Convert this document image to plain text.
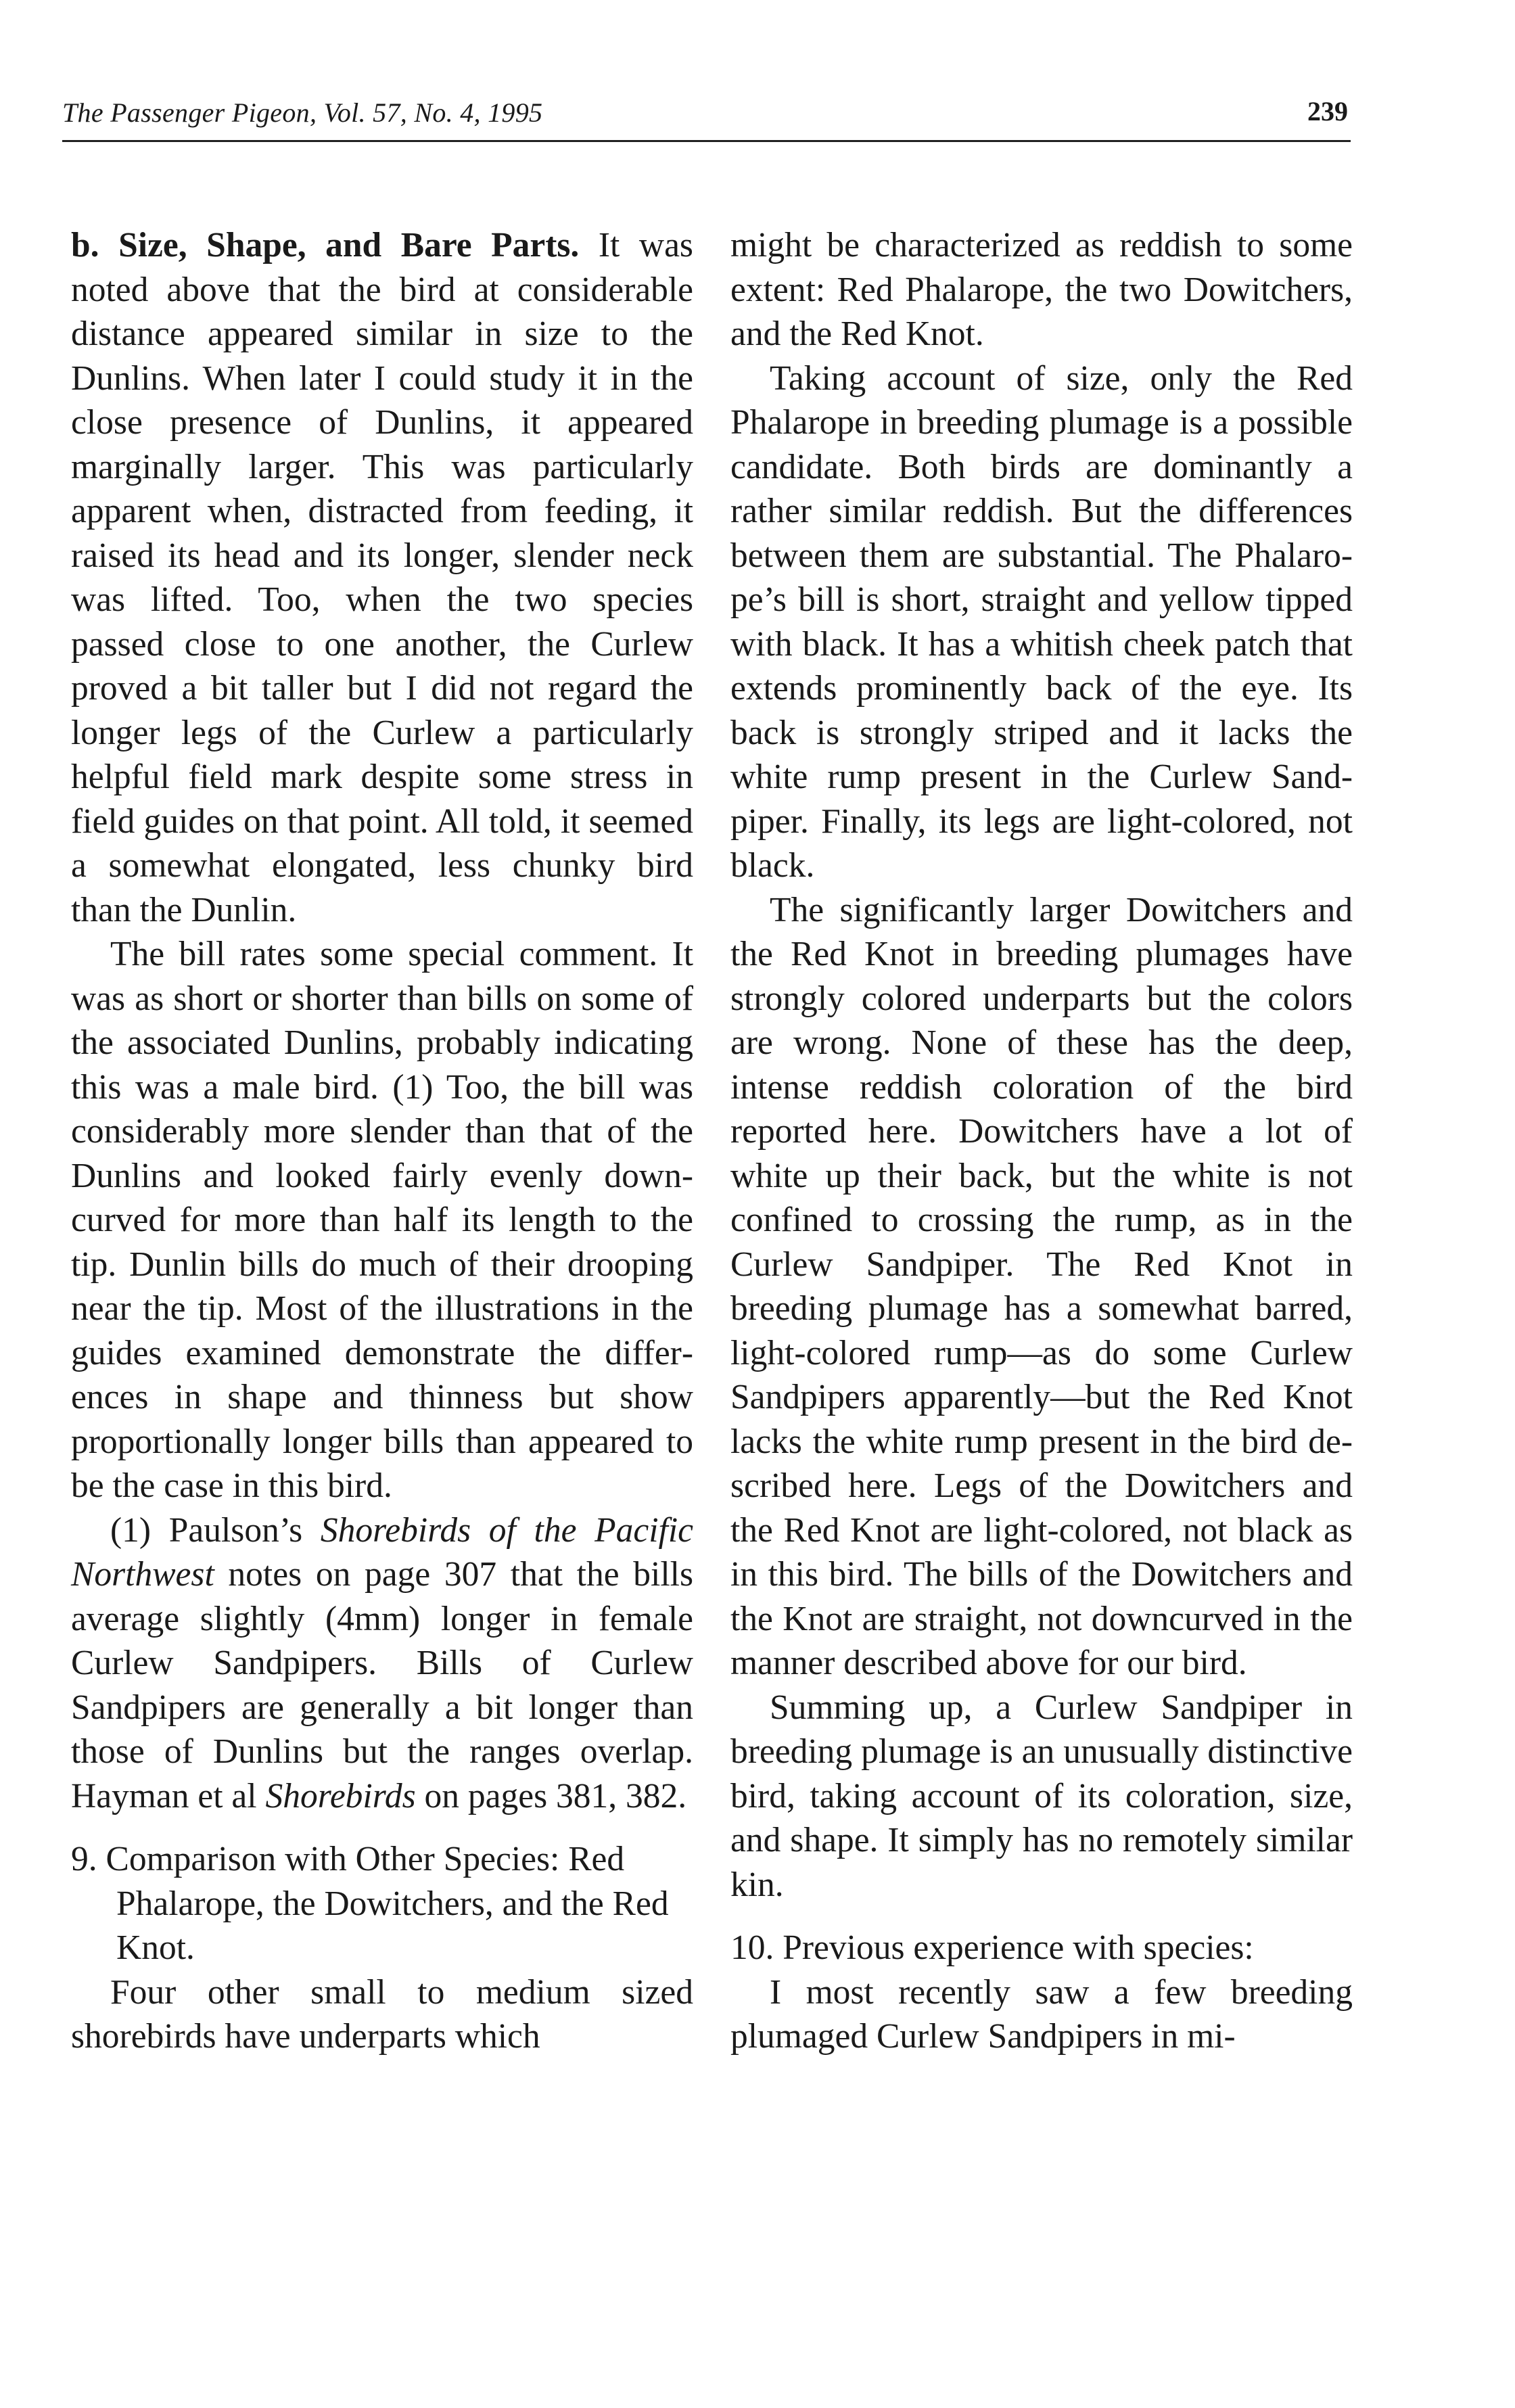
The Passenger Pigeon, Vol. 57, No. 4, 1995	239

b. Size, Shape, and Bare Parts. It was noted above that the bird at considerable distance appeared similar in size to the Dunlins. When later I could study it in the close presence of Dunlins, it appeared marginally larger. This was particularly apparent when, distracted from feeding, it raised its head and its longer, slender neck was lifted. Too, when the two species passed close to one another, the Curlew proved a bit taller but I did not regard the longer legs of the Curlew a particularly helpful field mark despite some stress in field guides on that point. All told, it seemed a somewhat elongated, less chunky bird than the Dunlin.

The bill rates some special comment. It was as short or shorter than bills on some of the associated Dunlins, probably indicating this was a male bird. (1) Too, the bill was considerably more slender than that of the Dunlins and looked fairly evenly down-curved for more than half its length to the tip. Dunlin bills do much of their drooping near the tip. Most of the illustrations in the guides examined demonstrate the differences in shape and thinness but show proportionally longer bills than appeared to be the case in this bird.

(1) Paulson’s Shorebirds of the Pacific Northwest notes on page 307 that the bills average slightly (4mm) longer in female Curlew Sandpipers. Bills of Curlew Sandpipers are generally a bit longer than those of Dunlins but the ranges overlap. Hayman et al Shorebirds on pages 381, 382.

9. Comparison with Other Species: Red Phalarope, the Dowitchers, and the Red Knot.

Four other small to medium sized shorebirds have underparts which

might be characterized as reddish to some extent: Red Phalarope, the two Dowitchers, and the Red Knot.

Taking account of size, only the Red Phalarope in breeding plumage is a possible candidate. Both birds are dominantly a rather similar reddish. But the differences between them are substantial. The Phalarope’s bill is short, straight and yellow tipped with black. It has a whitish cheek patch that extends prominently back of the eye. Its back is strongly striped and it lacks the white rump present in the Curlew Sandpiper. Finally, its legs are light-colored, not black.

The significantly larger Dowitchers and the Red Knot in breeding plumages have strongly colored underparts but the colors are wrong. None of these has the deep, intense reddish coloration of the bird reported here. Dowitchers have a lot of white up their back, but the white is not confined to crossing the rump, as in the Curlew Sandpiper. The Red Knot in breeding plumage has a somewhat barred, light-colored rump—as do some Curlew Sandpipers apparently—but the Red Knot lacks the white rump present in the bird described here. Legs of the Dowitchers and the Red Knot are light-colored, not black as in this bird. The bills of the Dowitchers and the Knot are straight, not downcurved in the manner described above for our bird.

Summing up, a Curlew Sandpiper in breeding plumage is an unusually distinctive bird, taking account of its coloration, size, and shape. It simply has no remotely similar kin.

10. Previous experience with species:

I most recently saw a few breeding plumaged Curlew Sandpipers in mi-
